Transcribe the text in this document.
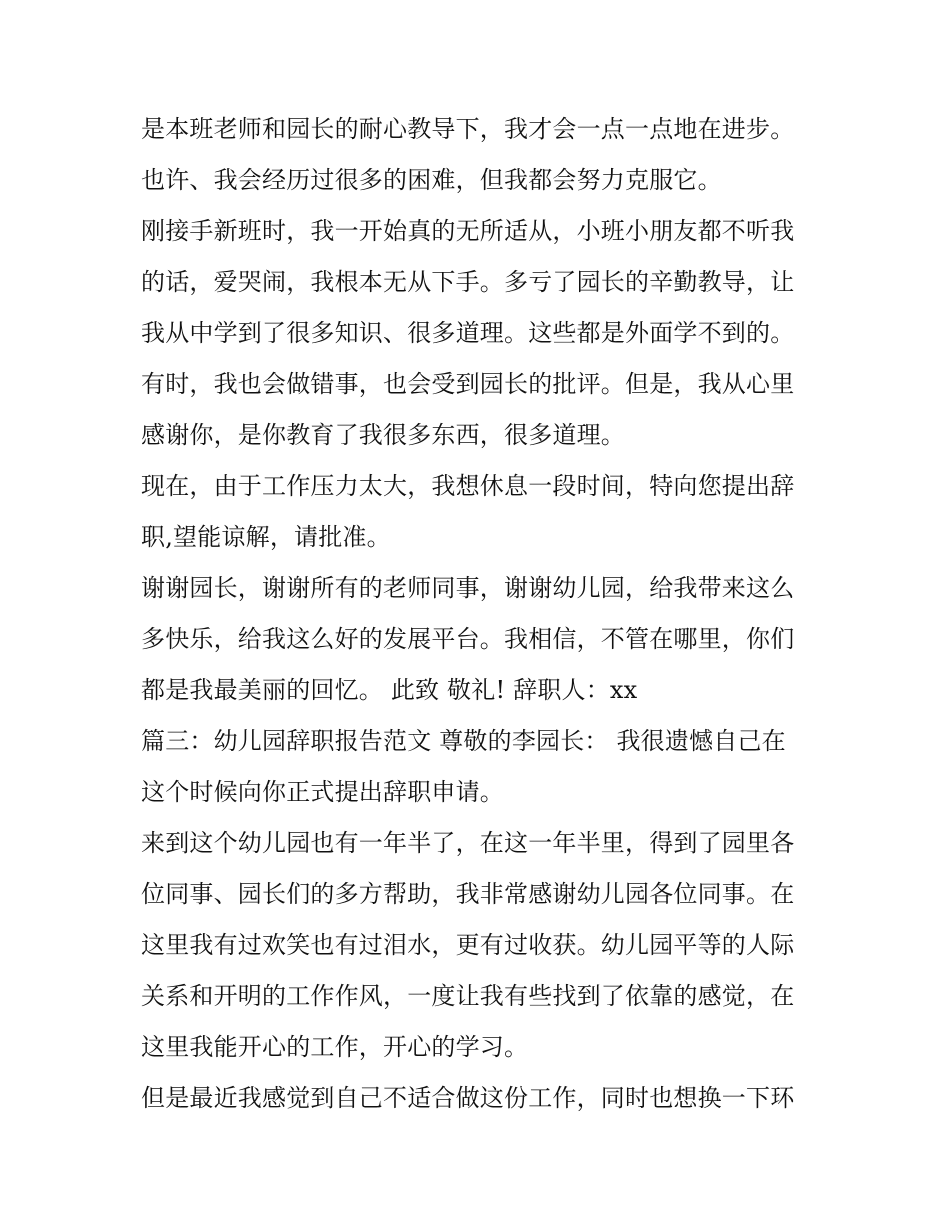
是本班老师和园长的耐心教导下，我才会一点一点地在进步。
也许、我会经历过很多的困难，但我都会努力克服它。
刚接手新班时，我一开始真的无所适从，小班小朋友都不听我
的话，爱哭闹，我根本无从下手。多亏了园长的辛勤教导，让
我从中学到了很多知识、很多道理。这些都是外面学不到的。
有时，我也会做错事，也会受到园长的批评。但是，我从心里
感谢你，是你教育了我很多东西，很多道理。
现在，由于工作压力太大，我想休息一段时间，特向您提出辞
职,望能谅解，请批准。
谢谢园长，谢谢所有的老师同事，谢谢幼儿园，给我带来这么
多快乐，给我这么好的发展平台。我相信，不管在哪里，你们
都是我最美丽的回忆。 此致 敬礼! 辞职人：xx
篇三：幼儿园辞职报告范文 尊敬的李园长： 我很遗憾自己在
这个时候向你正式提出辞职申请。
来到这个幼儿园也有一年半了，在这一年半里，得到了园里各
位同事、园长们的多方帮助，我非常感谢幼儿园各位同事。在
这里我有过欢笑也有过泪水，更有过收获。幼儿园平等的人际
关系和开明的工作作风，一度让我有些找到了依靠的感觉，在
这里我能开心的工作，开心的学习。
但是最近我感觉到自己不适合做这份工作，同时也想换一下环
